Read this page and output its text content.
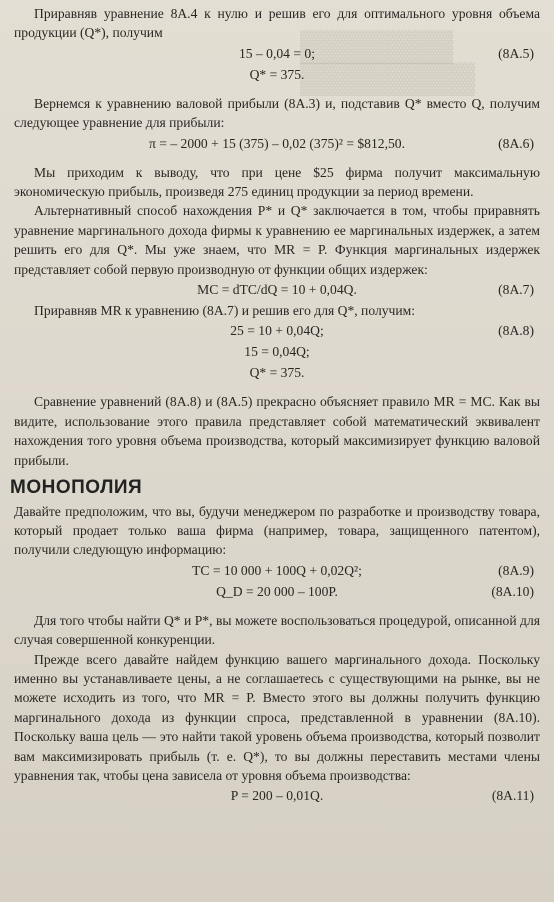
▓▓▓▓▓▓▓
▓▓▓▓▓▓▓▓

Приравняв уравнение 8А.4 к нулю и решив его для оптимального уровня объема продукции (Q*), получим

15 – 0,04 = 0;	(8А.5)
Q* = 375.

Вернемся к уравнению валовой прибыли (8А.3) и, подставив Q* вместо Q, получим следующее уравнение для прибыли:

π = – 2000 + 15 (375) – 0,02 (375)² = $812,50.	(8А.6)

Мы приходим к выводу, что при цене $25 фирма получит максимальную экономическую прибыль, произведя 275 единиц продукции за период времени.

Альтернативный способ нахождения P* и Q* заключается в том, чтобы приравнять уравнение маргинального дохода фирмы к уравнению ее маргинальных издержек, а затем решить его для Q*. Мы уже знаем, что MR = P. Функция маргинальных издержек представляет собой первую производную от функции общих издержек:

MC = dTC/dQ = 10 + 0,04Q.	(8А.7)

Приравняв MR к уравнению (8А.7) и решив его для Q*, получим:

25 = 10 + 0,04Q;	(8А.8)
15 = 0,04Q;
Q* = 375.

Сравнение уравнений (8А.8) и (8А.5) прекрасно объясняет правило MR = MC. Как вы видите, использование этого правила представляет собой математический эквивалент нахождения того уровня объема производства, который максимизирует функцию валовой прибыли.

МОНОПОЛИЯ

Давайте предположим, что вы, будучи менеджером по разработке и производству товара, который продает только ваша фирма (например, товара, защищенного патентом), получили следующую информацию:

TC = 10 000 + 100Q + 0,02Q²;	(8А.9)
Q_D = 20 000 – 100P.	(8А.10)

Для того чтобы найти Q* и P*, вы можете воспользоваться процедурой, описанной для случая совершенной конкуренции.

Прежде всего давайте найдем функцию вашего маргинального дохода. Поскольку именно вы устанавливаете цены, а не соглашаетесь с существующими на рынке, вы не можете исходить из того, что MR = P. Вместо этого вы должны получить функцию маргинального дохода из функции спроса, представленной в уравнении (8А.10). Поскольку ваша цель — это найти такой уровень объема производства, который позволит вам максимизировать прибыль (т. е. Q*), то вы должны переставить местами члены уравнения так, чтобы цена зависела от уровня объема производства:

P = 200 – 0,01Q.	(8А.11)
